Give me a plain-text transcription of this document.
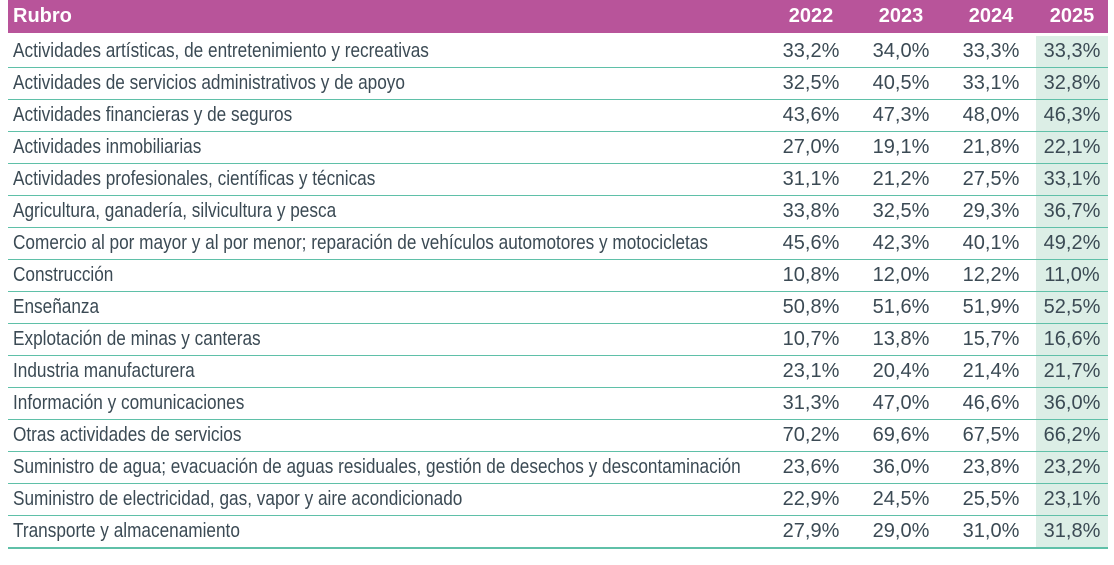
Rubro	2022	2023	2024	2025
Actividades artísticas, de entretenimiento y recreativas	33,2%	34,0%	33,3%	33,3%
Actividades de servicios administrativos y de apoyo	32,5%	40,5%	33,1%	32,8%
Actividades financieras y de seguros	43,6%	47,3%	48,0%	46,3%
Actividades inmobiliarias	27,0%	19,1%	21,8%	22,1%
Actividades profesionales, científicas y técnicas	31,1%	21,2%	27,5%	33,1%
Agricultura, ganadería, silvicultura y pesca	33,8%	32,5%	29,3%	36,7%
Comercio al por mayor y al por menor; reparación de vehículos automotores y motocicletas	45,6%	42,3%	40,1%	49,2%
Construcción	10,8%	12,0%	12,2%	11,0%
Enseñanza	50,8%	51,6%	51,9%	52,5%
Explotación de minas y canteras	10,7%	13,8%	15,7%	16,6%
Industria manufacturera	23,1%	20,4%	21,4%	21,7%
Información y comunicaciones	31,3%	47,0%	46,6%	36,0%
Otras actividades de servicios	70,2%	69,6%	67,5%	66,2%
Suministro de agua; evacuación de aguas residuales, gestión de desechos y descontaminación	23,6%	36,0%	23,8%	23,2%
Suministro de electricidad, gas, vapor y aire acondicionado	22,9%	24,5%	25,5%	23,1%
Transporte y almacenamiento	27,9%	29,0%	31,0%	31,8%
